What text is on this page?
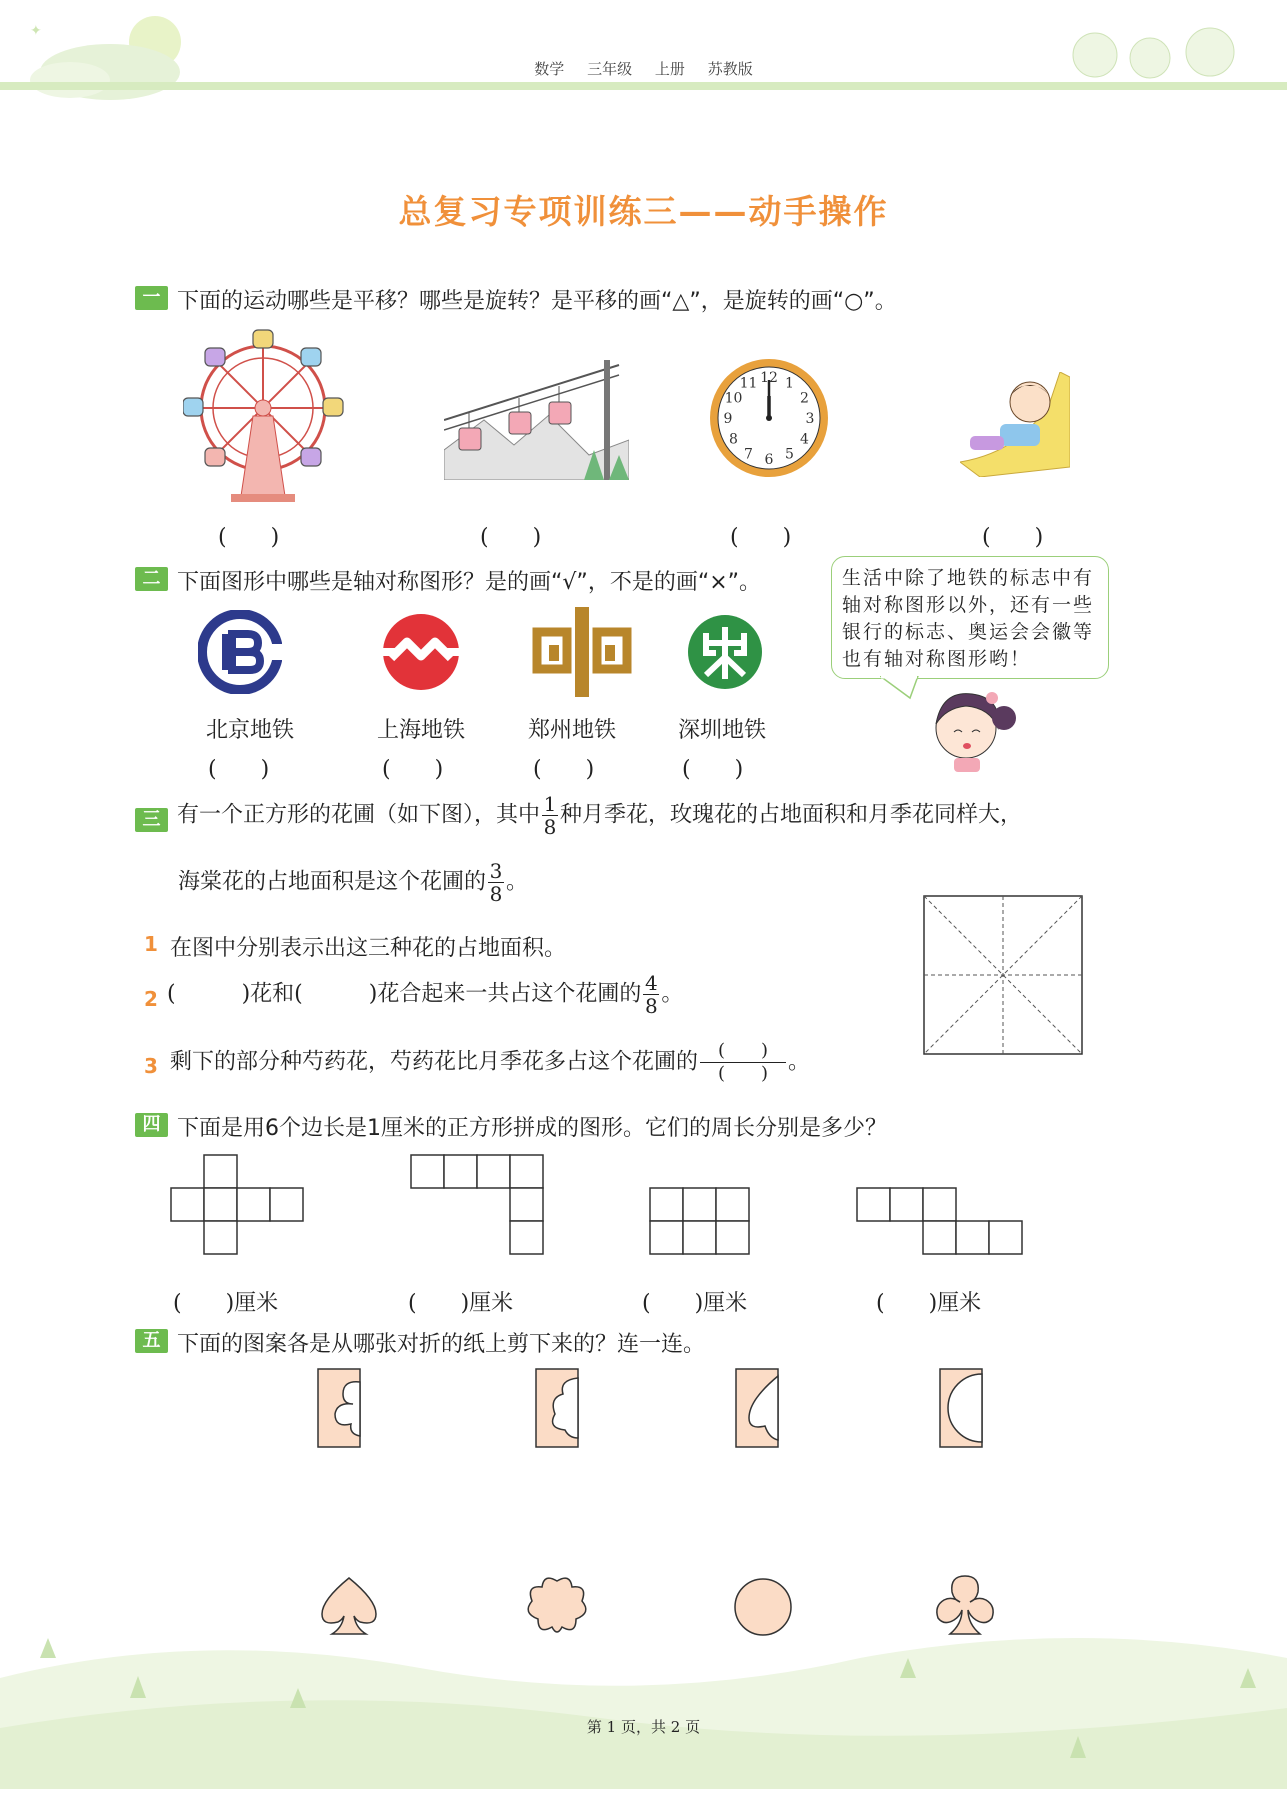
✦
数学 三年级 上册 苏教版
总复习专项训练三——动手操作
一 下面的运动哪些是平移？哪些是旋转？是平移的画“△”，是旋转的画“○”。
12 1
2
3
4
5
6
7
8
9
10
11
(　　)	(　　)	(　　)	(　　)
二 下面图形中哪些是轴对称图形？是的画“√”，不是的画“×”。
北京地铁	上海地铁	郑州地铁	深圳地铁
(　　)	(　　)	(　　)	(　　)
生活中除了地铁的标志中有轴对称图形以外，还有一些银行的标志、奥运会会徽等也有轴对称图形哟！
三 有一个正方形的花圃（如下图），其中 $\frac{1}{8}$ 种月季花，玫瑰花的占地面积和月季花同样大，
海棠花的占地面积是这个花圃的 $\frac{3}{8}$ 。
1 在图中分别表示出这三种花的占地面积。
2 (　　　)花和(　　　)花合起来一共占这个花圃的 $\frac{4}{8}$ 。
3 剩下的部分种芍药花，芍药花比月季花多占这个花圃的 $\frac{( )}{( )}$ 。
四 下面是用6个边长是1厘米的正方形拼成的图形。它们的周长分别是多少？
(　　)厘米	(　　)厘米	(　　)厘米	(　　)厘米
五 下面的图案各是从哪张对折的纸上剪下来的？连一连。
第 1 页，共 2 页
